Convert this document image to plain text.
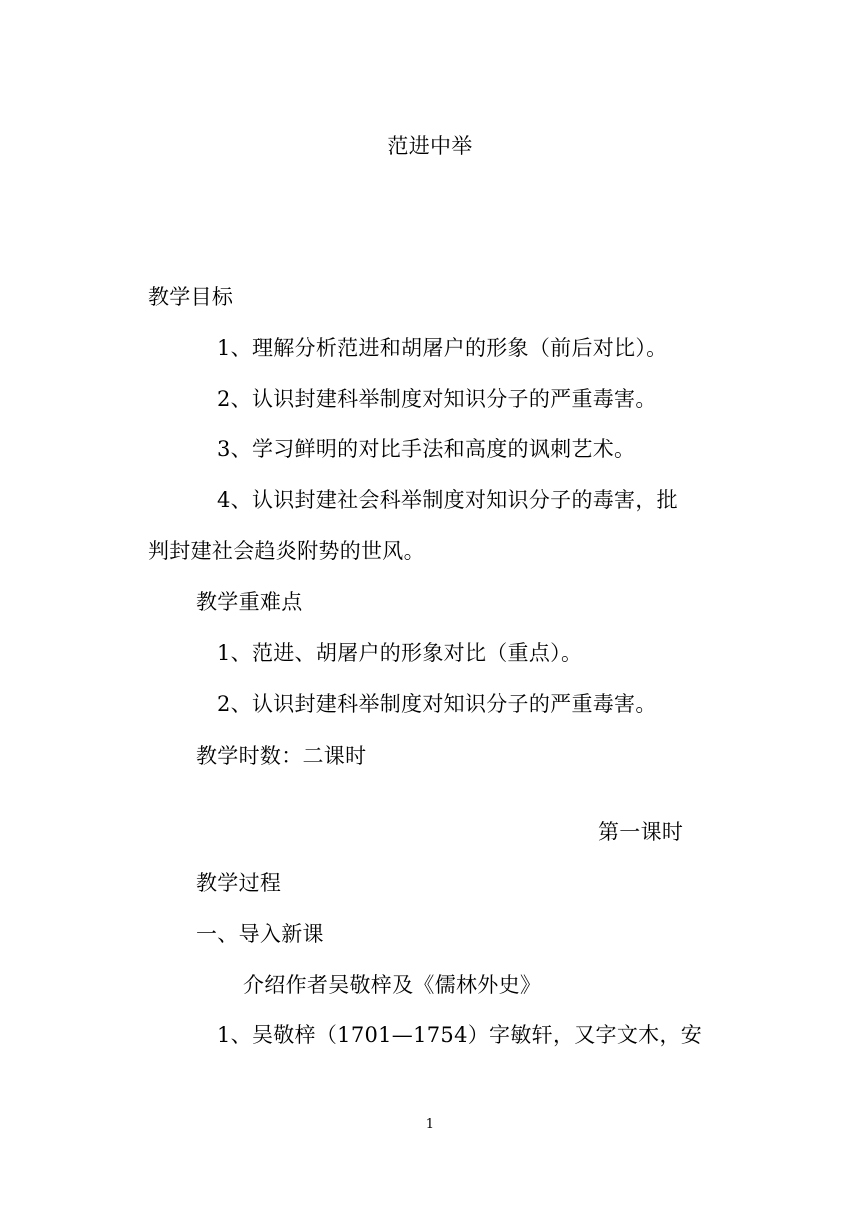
范进中举
教学目标
1、理解分析范进和胡屠户的形象（前后对比）。
2、认识封建科举制度对知识分子的严重毒害。
3、学习鲜明的对比手法和高度的讽刺艺术。
4、认识封建社会科举制度对知识分子的毒害，批
判封建社会趋炎附势的世风。
教学重难点
1、范进、胡屠户的形象对比（重点）。
2、认识封建科举制度对知识分子的严重毒害。
教学时数：二课时
第一课时
教学过程
一、导入新课
介绍作者吴敬梓及《儒林外史》
1、吴敬梓（1701—1754）字敏轩，又字文木，安
1
